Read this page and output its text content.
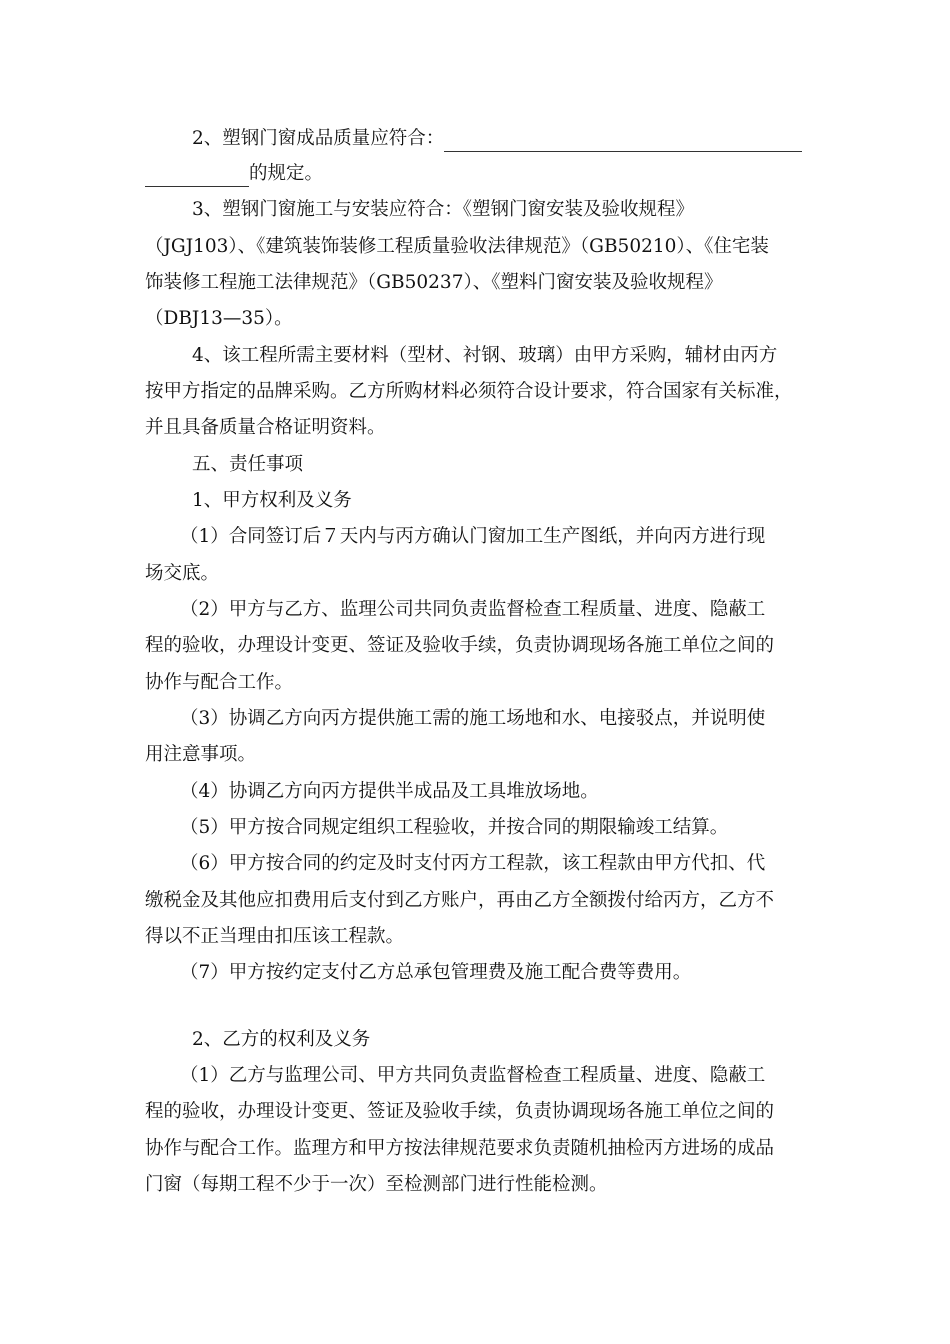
2、塑钢门窗成品质量应符合：
的规定。
3、塑钢门窗施工与安装应符合：《塑钢门窗安装及验收规程》
（JGJ103）、《建筑装饰装修工程质量验收法律规范》（GB50210）、《住宅装
饰装修工程施工法律规范》（GB50237）、《塑料门窗安装及验收规程》
（DBJ13—35）。
4、该工程所需主要材料（型材、衬钢、玻璃）由甲方采购，辅材由丙方
按甲方指定的品牌采购。乙方所购材料必须符合设计要求，符合国家有关标准，
并且具备质量合格证明资料。
五、责任事项
1、甲方权利及义务
（1）合同签订后７天内与丙方确认门窗加工生产图纸，并向丙方进行现
场交底。
（2）甲方与乙方、监理公司共同负责监督检查工程质量、进度、隐蔽工
程的验收，办理设计变更、签证及验收手续，负责协调现场各施工单位之间的
协作与配合工作。
（3）协调乙方向丙方提供施工需的施工场地和水、电接驳点，并说明使
用注意事项。
（4）协调乙方向丙方提供半成品及工具堆放场地。
（5）甲方按合同规定组织工程验收，并按合同的期限输竣工结算。
（6）甲方按合同的约定及时支付丙方工程款，该工程款由甲方代扣、代
缴税金及其他应扣费用后支付到乙方账户，再由乙方全额拨付给丙方，乙方不
得以不正当理由扣压该工程款。
（7）甲方按约定支付乙方总承包管理费及施工配合费等费用。
2、乙方的权利及义务
（1）乙方与监理公司、甲方共同负责监督检查工程质量、进度、隐蔽工
程的验收，办理设计变更、签证及验收手续，负责协调现场各施工单位之间的
协作与配合工作。监理方和甲方按法律规范要求负责随机抽检丙方进场的成品
门窗（每期工程不少于一次）至检测部门进行性能检测。
